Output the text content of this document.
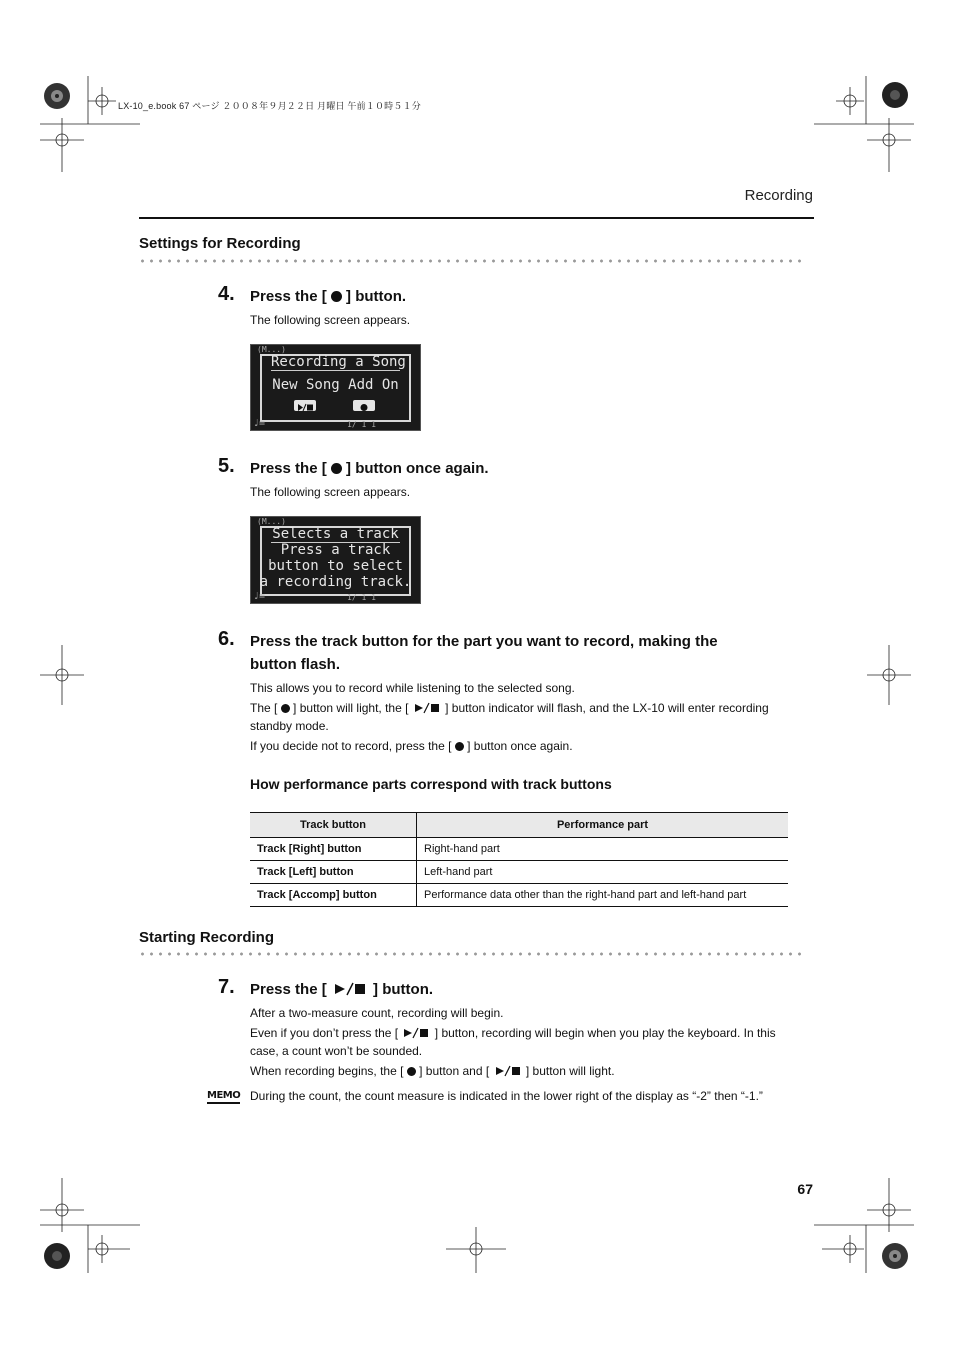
LX-10_e.book 67 ページ ２００８年９月２２日 月曜日 午前１０時５１分
Recording
Settings for Recording
4. Press the [ ] button.
The following screen appears.
(M...)
Recording a Song
New Song Add On
♩=	1/ 1 1
5. Press the [ ] button once again.
The following screen appears.
(M...)
Selects a track
Press a track
button to select
a recording track.
♩=	1/ 1 1
6. Press the track button for the part you want to record, making the
button flash.
This allows you to record while listening to the selected song.
The [ ] button will light, the [	] button indicator will flash, and the LX-10 will enter recording
standby mode.
If you decide not to record, press the [ ] button once again.
How performance parts correspond with track buttons
Track button	Performance part
Track [Right] button	Right-hand part
Track [Left] button	Left-hand part
Track [Accomp] button	Performance data other than the right-hand part and left-hand part
Starting Recording
7. Press the [	] button.
After a two-measure count, recording will begin.
Even if you don’t press the [	] button, recording will begin when you play the keyboard. In this
case, a count won’t be sounded.
When recording begins, the [ ] button and [	] button will light.
MEMO During the count, the count measure is indicated in the lower right of the display as “-2” then “-1.”
67
